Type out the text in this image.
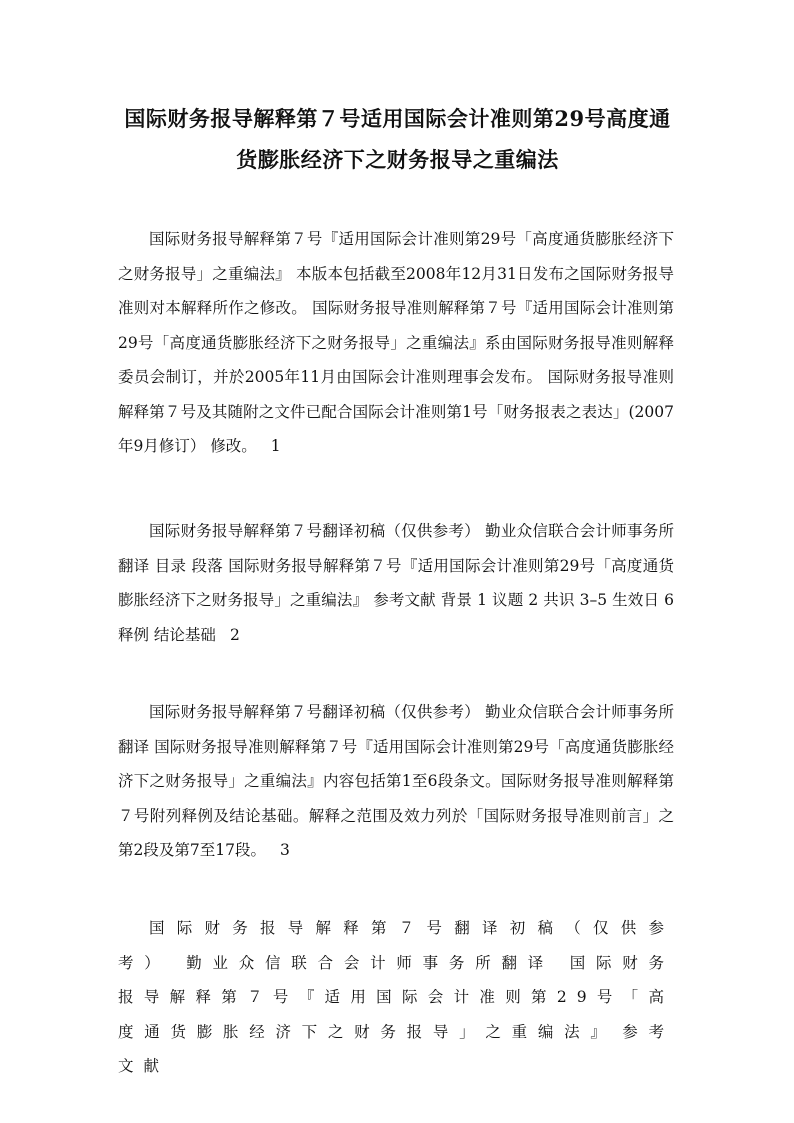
国际财务报导解释第７号适用国际会计准则第29号高度通货膨胀经济下之财务报导之重编法

国际财务报导解释第７号『适用国际会计准则第29号「高度通货膨胀经济下之财务报导」之重编法』 本版本包括截至2008年12月31日发布之国际财务报导准则对本解释所作之修改。 国际财务报导准则解释第７号『适用国际会计准则第29号「高度通货膨胀经济下之财务报导」之重编法』系由国际财务报导准则解释委员会制订，并於2005年11月由国际会计准则理事会发布。 国际财务报导准则解释第７号及其随附之文件已配合国际会计准则第1号「财务报表之表达」(2007年9月修订） 修改。 1

国际财务报导解释第７号翻译初稿（仅供参考） 勤业众信联合会计师事务所翻译 目录 段落 国际财务报导解释第７号『适用国际会计准则第29号「高度通货膨胀经济下之财务报导」之重编法』 参考文献 背景 1 议题 2 共识 3–5 生效日 6 释例 结论基础 2

国际财务报导解释第７号翻译初稿（仅供参考） 勤业众信联合会计师事务所翻译 国际财务报导准则解释第７号『适用国际会计准则第29号「高度通货膨胀经济下之财务报导」之重编法』内容包括第1至6段条文。国际财务报导准则解释第７号附列释例及结论基础。解释之范围及效力列於「国际财务报导准则前言」之第2段及第7至17段。 3

国际财务报导解释第７号翻译初稿（仅供参考） 勤业众信联合会计师事务所翻译 国际财务报导解释第７号『适用国际会计准则第29号「高度通货膨胀经济下之财务报导」之重编法』 参考文献
